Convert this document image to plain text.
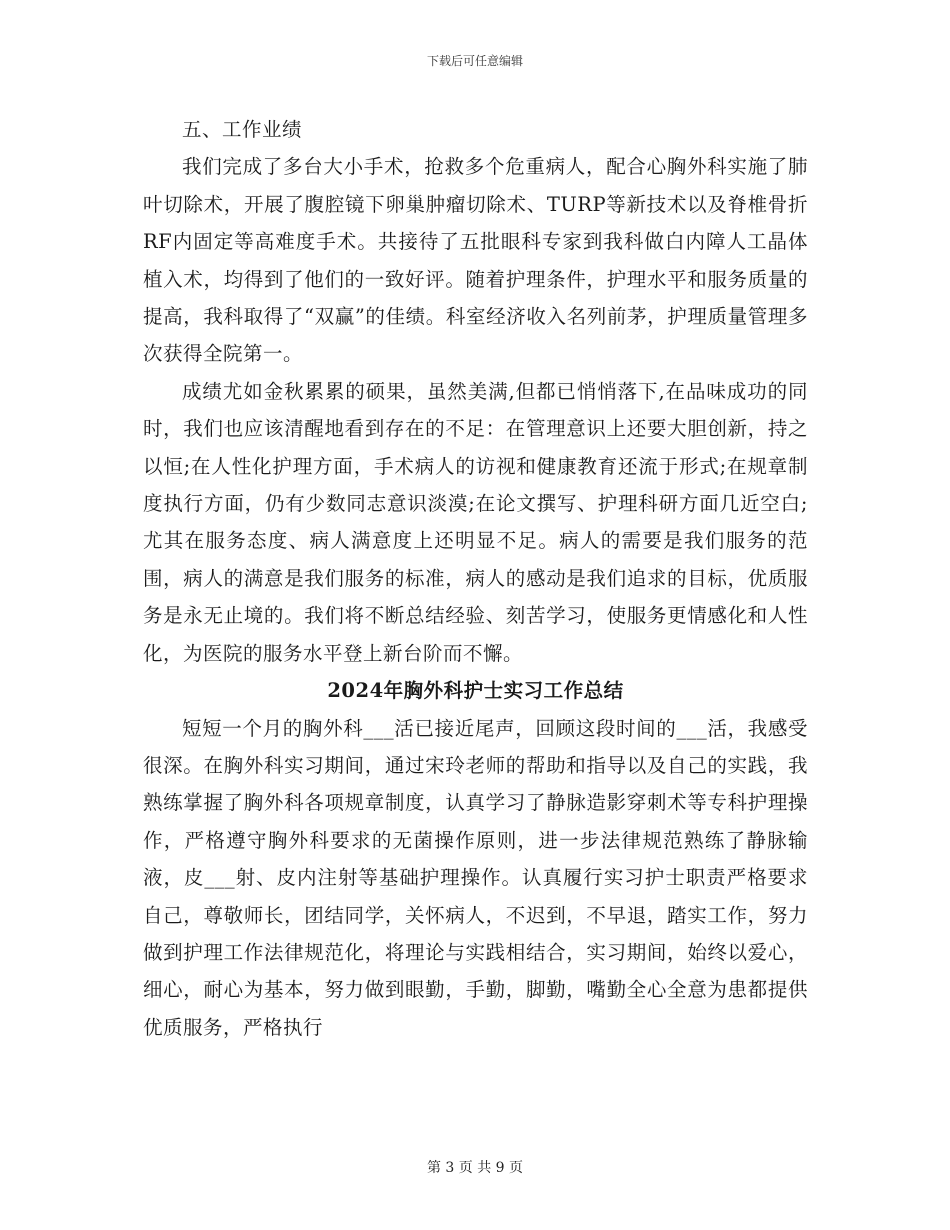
下载后可任意编辑

五、工作业绩

我们完成了多台大小手术，抢救多个危重病人，配合心胸外科实施了肺叶切除术，开展了腹腔镜下卵巢肿瘤切除术、TURP等新技术以及脊椎骨折RF内固定等高难度手术。共接待了五批眼科专家到我科做白内障人工晶体植入术，均得到了他们的一致好评。随着护理条件，护理水平和服务质量的提高，我科取得了“双赢”的佳绩。科室经济收入名列前茅，护理质量管理多次获得全院第一。

成绩尤如金秋累累的硕果，虽然美满,但都已悄悄落下,在品味成功的同时，我们也应该清醒地看到存在的不足：在管理意识上还要大胆创新，持之以恒;在人性化护理方面，手术病人的访视和健康教育还流于形式;在规章制度执行方面，仍有少数同志意识淡漠;在论文撰写、护理科研方面几近空白;尤其在服务态度、病人满意度上还明显不足。病人的需要是我们服务的范围，病人的满意是我们服务的标准，病人的感动是我们追求的目标，优质服务是永无止境的。我们将不断总结经验、刻苦学习，使服务更情感化和人性化，为医院的服务水平登上新台阶而不懈。

2024年胸外科护士实习工作总结

短短一个月的胸外科___活已接近尾声，回顾这段时间的___活，我感受很深。在胸外科实习期间，通过宋玲老师的帮助和指导以及自己的实践，我熟练掌握了胸外科各项规章制度，认真学习了静脉造影穿刺术等专科护理操作，严格遵守胸外科要求的无菌操作原则，进一步法律规范熟练了静脉输液，皮___射、皮内注射等基础护理操作。认真履行实习护士职责严格要求自己，尊敬师长，团结同学，关怀病人，不迟到，不早退，踏实工作，努力做到护理工作法律规范化，将理论与实践相结合，实习期间，始终以爱心，细心，耐心为基本，努力做到眼勤，手勤，脚勤，嘴勤全心全意为患都提供优质服务，严格执行

第 3 页 共 9 页
